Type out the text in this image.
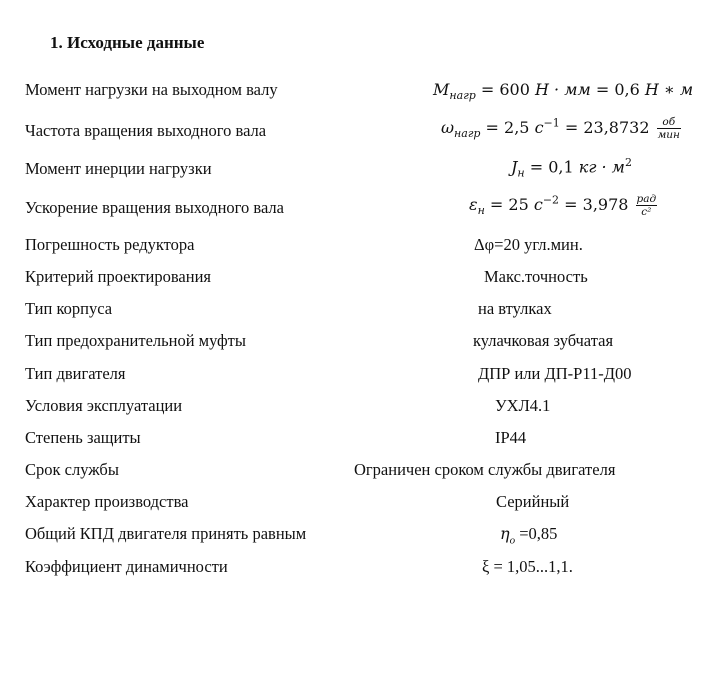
1. Исходные данные
Момент нагрузки на выходном валу
Частота вращения выходного вала
Момент инерции нагрузки
Ускорение вращения выходного вала
Погрешность редуктора
Критерий проектирования
Тип корпуса
Тип предохранительной муфты
Тип двигателя
Условия эксплуатации
Степень защиты
Срок службы
Характер производства
Общий КПД двигателя принять равным
Коэффициент динамичности
$M_{нагр} = 600$ Н · мм = 0,6 Н ∗ м
$\omega_{нагр} = 2,5$ $с^{-1} = 23,8732 \frac{об}{\text{мин}}$
$J_н = 0,1$ кг · $м^2$
$\varepsilon_н = 25$ $с^{-2} = 3,978 \frac{\text{рад}}{\text{с²}}$
Δφ=20 угл.мин.
Макс.точность
на втулках
кулачковая зубчатая
ДПР или ДП-Р11-Д00
УХЛ4.1
IP44
Ограничен сроком службы двигателя
Серийный
$\eta_о =0,85$
ξ = 1,05...1,1.
